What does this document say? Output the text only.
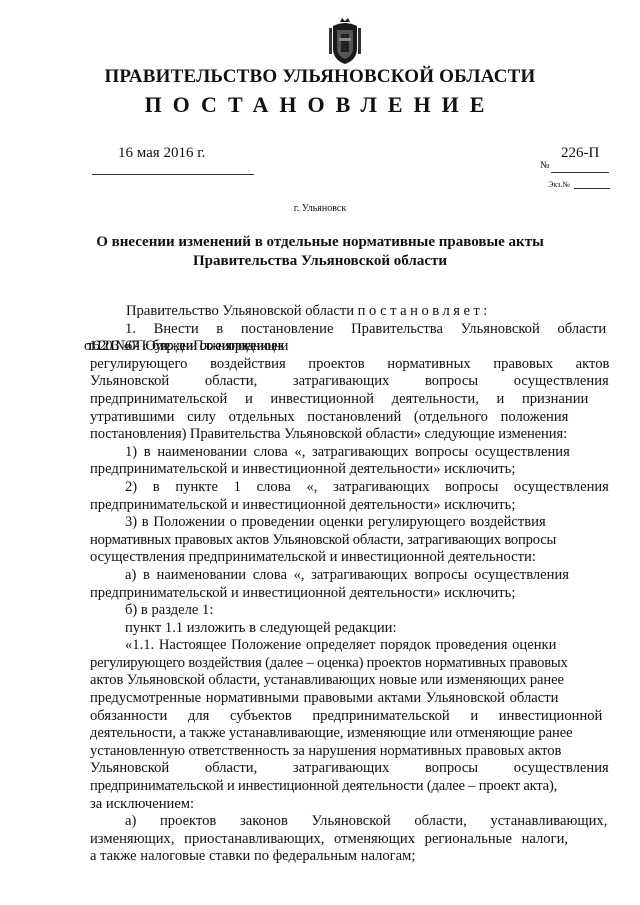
ПРАВИТЕЛЬСТВО УЛЬЯНОВСКОЙ ОБЛАСТИ
ПОСТАНОВЛЕНИЕ
16 мая 2016 г.	226-П
№
Экз.№
г. Ульяновск
О внесении изменений в отдельные нормативные правовые акты
Правительства Ульяновской области
Правительство Ульяновской области постановляет:
1. Внести в постановление Правительства Ульяновской области
от 16.12.2013 № 607-П «Об утверждении Положения о проведении оценки
регулирующего воздействия проектов нормативных правовых актов
Ульяновской области, затрагивающих вопросы осуществления
предпринимательской и инвестиционной деятельности, и признании
утратившими силу отдельных постановлений (отдельного положения
постановления) Правительства Ульяновской области» следующие изменения:
1) в наименовании слова «, затрагивающих вопросы осуществления
предпринимательской и инвестиционной деятельности» исключить;
2) в пункте 1 слова «, затрагивающих вопросы осуществления
предпринимательской и инвестиционной деятельности» исключить;
3) в Положении о проведении оценки регулирующего воздействия
нормативных правовых актов Ульяновской области, затрагивающих вопросы
осуществления предпринимательской и инвестиционной деятельности:
а) в наименовании слова «, затрагивающих вопросы осуществления
предпринимательской и инвестиционной деятельности» исключить;
б) в разделе 1:
пункт 1.1 изложить в следующей редакции:
«1.1. Настоящее Положение определяет порядок проведения оценки
регулирующего воздействия (далее – оценка) проектов нормативных правовых
актов Ульяновской области, устанавливающих новые или изменяющих ранее
предусмотренные нормативными правовыми актами Ульяновской области
обязанности для субъектов предпринимательской и инвестиционной
деятельности, а также устанавливающие, изменяющие или отменяющие ранее
установленную ответственность за нарушения нормативных правовых актов
Ульяновской области, затрагивающих вопросы осуществления
предпринимательской и инвестиционной деятельности (далее – проект акта),
за исключением:
а) проектов законов Ульяновской области, устанавливающих,
изменяющих, приостанавливающих, отменяющих региональные налоги,
а также налоговые ставки по федеральным налогам;
